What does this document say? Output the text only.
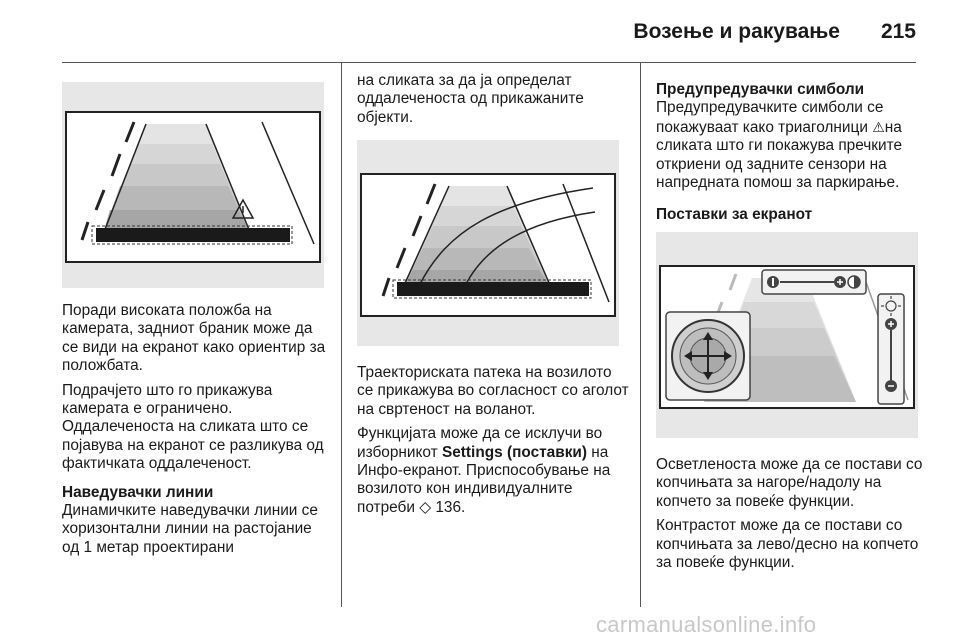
Возење и ракување 215

Поради високата положба на камерата, задниот браник може да се види на екранот како ориентир за положбата.

Подрачјето што го прикажува камерата е ограничено. Оддалеченоста на сликата што се појавува на екранот се разликува од фактичката оддалеченост.

Наведувачки линии

Динамичките наведувачки линии се хоризонтални линии на растојание од 1 метар проектирани

на сликата за да ја определат оддалеченоста од прикажаните објекти.

Траекториската патека на возилото се прикажува во согласност со аголот на свртеност на воланот.

Функцијата може да се исклучи во изборникот Settings (поставки) на Инфо-екранот. Приспособување на возилото кон индивидуалните потреби ◇ 136.

Предупредувачки симболи

Предупредувачките симболи се покажуваат како триаголници ⚠на сликата што ги покажува пречките откриени од задните сензори на напредната помош за паркирање.

Поставки за екранот

Осветленоста може да се постави со копчињата за нагоре/надолу на копчето за повеќе функции.

Контрастот може да се постави со копчињата за лево/десно на копчето за повеќе функции.

carmanualsonline.info
